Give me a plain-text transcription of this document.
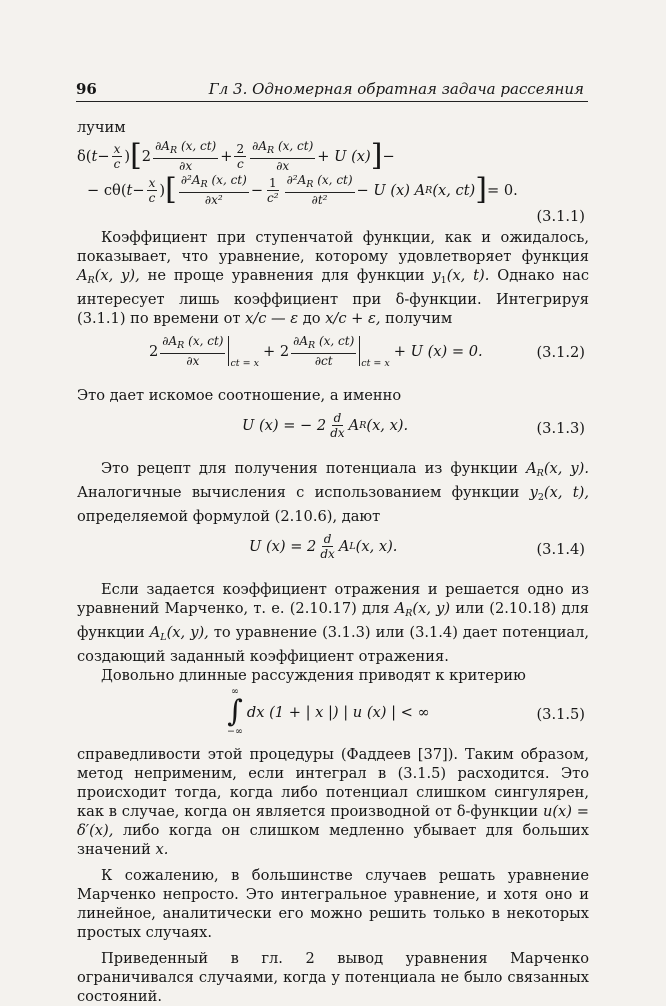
96	Гл 3. Одномерная обратная задача рассеяния
лучим
δ( $t - \frac{x}{c}$ ) [ $2 \frac{\partial A_R (x, ct)}{\partial x} + \frac{2}{c} \frac{\partial A_R (x, ct)}{\partial x} + U$ (x) ] −

− cθ( $t - \frac{x}{c}$ ) [ $\frac{\partial^2A_R (x, ct)}{\text{∂x²}} - \frac{1}{\text{c²}} \frac{\partial^2A_R (x, ct)}{\text{∂t²}} - U$ (x) A R (x, ct) ] = 0.
(3.1.1)

Коэффициент при ступенчатой функции, как и ожидалось, показывает, что уравнение, которому удовлетворяет функция $A_R(x$, y), не проще уравнения для функции $y_1(x$, t). Однако нас интересует лишь коэффициент при δ-функции. Интегрируя (3.1.1) по времени от x/c — ε до x/c + ε, получим

$2 \frac{\partial A_R (x, ct)}{\partial x}$ ct = x
+ $2 \frac{\partial A_R (x, ct)}{\partial ct}$ ct = x
+ U (x) = 0.	(3.1.2)

Это дает искомое соотношение, а именно

U (x) = − $2 \frac{d}{dx}$ A R (x, x).	(3.1.3)

Это рецепт для получения потенциала из функции $A_R(x$, y). Аналогичные вычисления с использованием функции $y_2(x$, t), определяемой формулой (2.10.6), дают

U $(x) = 2 \frac{d}{dx}$ A L (x, x).	(3.1.4)

Если задается коэффициент отражения и решается одно из уравнений Марченко, т. е. (2.10.17) для $A_R(x$, y) или (2.10.18) для функции $A_L(x$, y), то уравнение (3.1.3) или (3.1.4) дает потенциал, создающий заданный коэффициент отражения.

Довольно длинные рассуждения приводят к критерию

∞
∫
−∞
dx (1 + | x |) | u (x) | < ∞	(3.1.5)

справедливости этой процедуры (Фаддеев [37]). Таким образом, метод неприменим, если интеграл в (3.1.5) расходится. Это происходит тогда, когда либо потенциал слишком сингулярен, как в случае, когда он является производной от δ-функции u(x) = δ′(x), либо когда он слишком медленно убывает для больших значений x.

К сожалению, в большинстве случаев решать уравнение Марченко непросто. Это интегральное уравнение, и хотя оно и линейное, аналитически его можно решить только в некоторых простых случаях.

Приведенный в гл. 2 вывод уравнения Марченко ограничивался случаями, когда у потенциала не было связанных состояний.
